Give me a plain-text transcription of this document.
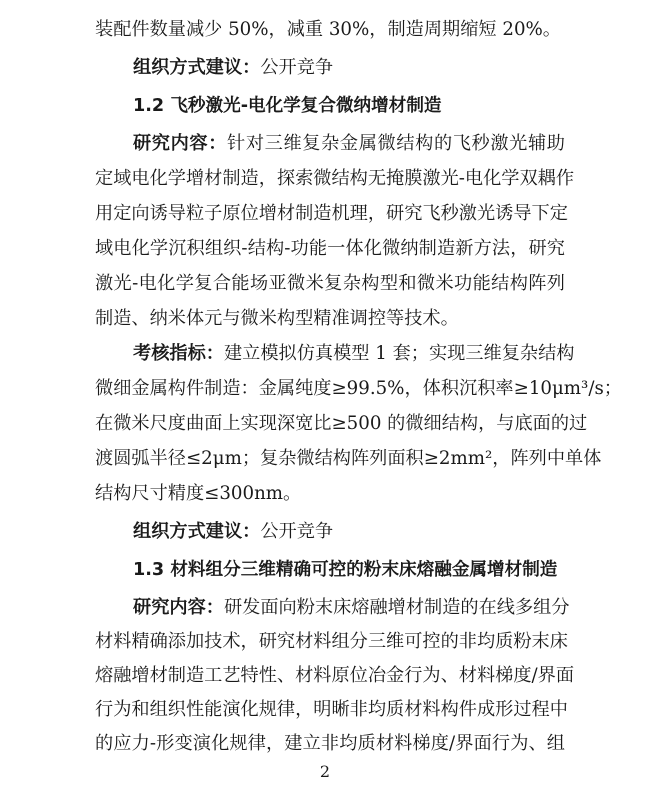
装配件数量减少 50%，减重 30%，制造周期缩短 20%。
组织方式建议：公开竞争
1.2 飞秒激光-电化学复合微纳增材制造
研究内容：针对三维复杂金属微结构的飞秒激光辅助
定域电化学增材制造，探索微结构无掩膜激光-电化学双耦作
用定向诱导粒子原位增材制造机理，研究飞秒激光诱导下定
域电化学沉积组织-结构-功能一体化微纳制造新方法，研究
激光-电化学复合能场亚微米复杂构型和微米功能结构阵列
制造、纳米体元与微米构型精准调控等技术。
考核指标：建立模拟仿真模型 1 套；实现三维复杂结构
微细金属构件制造：金属纯度≥99.5%，体积沉积率≥10μm³/s；
在微米尺度曲面上实现深宽比≥500 的微细结构，与底面的过
渡圆弧半径≤2μm；复杂微结构阵列面积≥2mm²，阵列中单体
结构尺寸精度≤300nm。
组织方式建议：公开竞争
1.3 材料组分三维精确可控的粉末床熔融金属增材制造
研究内容：研发面向粉末床熔融增材制造的在线多组分
材料精确添加技术，研究材料组分三维可控的非均质粉末床
熔融增材制造工艺特性、材料原位冶金行为、材料梯度/界面
行为和组织性能演化规律，明晰非均质材料构件成形过程中
的应力-形变演化规律，建立非均质材料梯度/界面行为、组
2
